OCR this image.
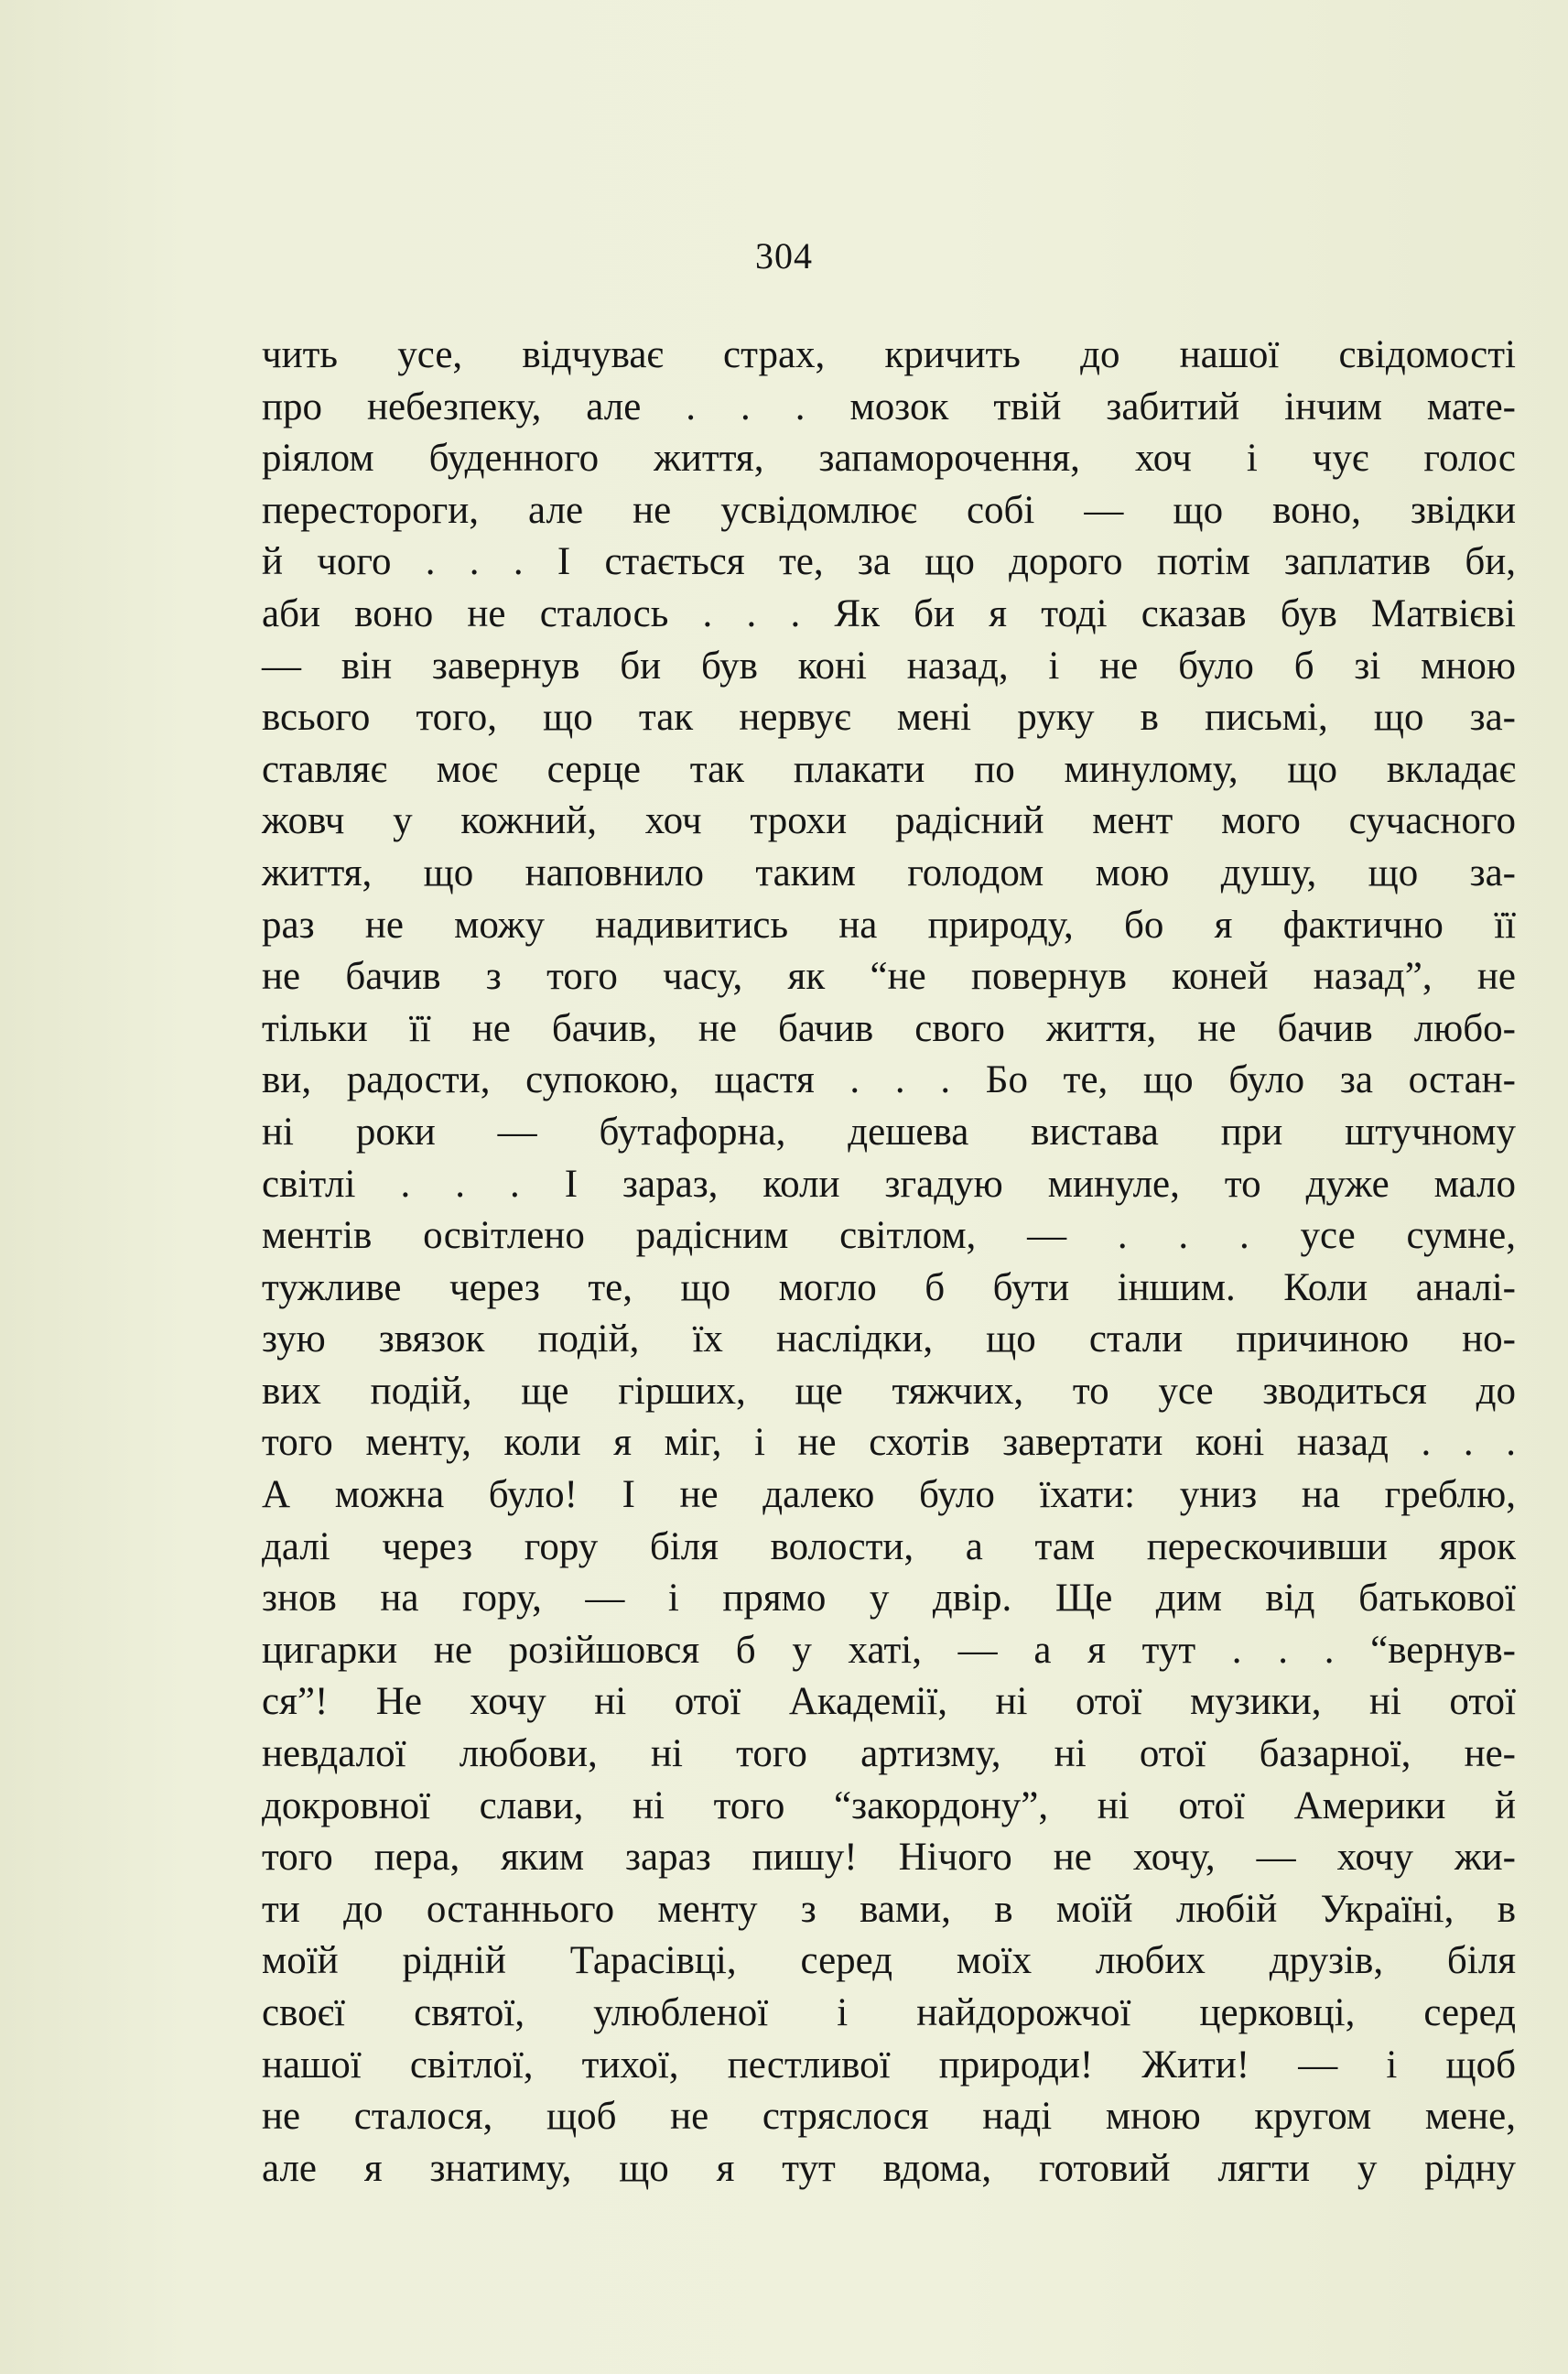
304
чить усе, відчуває страх, кричить до нашої свідомості
про небезпеку, але . . . мозок твій забитий інчим мате-
ріялом буденного життя, запаморочення, хоч і чує голос
перестороги, але не усвідомлює собі — що воно, звідки
й чого . . . І стається те, за що дорого потім заплатив би,
аби воно не сталось . . . Як би я тоді сказав був Матвієві
— він завернув би був коні назад, і не було б зі мною
всього того, що так нервує мені руку в письмі, що за-
ставляє моє серце так плакати по минулому, що вкладає
жовч у кожний, хоч трохи радісний мент мого сучасного
життя, що наповнило таким голодом мою душу, що за-
раз не можу надивитись на природу, бо я фактично її
не бачив з того часу, як “не повернув коней назад”, не
тільки її не бачив, не бачив свого життя, не бачив любо-
ви, радости, супокою, щастя . . . Бо те, що було за остан-
ні роки — бутафорна, дешева вистава при штучному
світлі . . . І зараз, коли згадую минуле, то дуже мало
ментів освітлено радісним світлом, — . . . усе сумне,
тужливе через те, що могло б бути іншим. Коли аналі-
зую звязок подій, їх наслідки, що стали причиною но-
вих подій, ще гірших, ще тяжчих, то усе зводиться до
того менту, коли я міг, і не схотів завертати коні назад . . .
А можна було! І не далеко було їхати: униз на греблю,
далі через гору біля волости, а там перескочивши ярок
знов на гору, — і прямо у двір. Ще дим від батькової
цигарки не розійшовся б у хаті, — а я тут . . . “вернув-
ся”! Не хочу ні отої Академії, ні отої музики, ні отої
невдалої любови, ні того артизму, ні отої базарної, не-
докровної слави, ні того “закордону”, ні отої Америки й
того пера, яким зараз пишу! Нічого не хочу, — хочу жи-
ти до останнього менту з вами, в моїй любій Україні, в
моїй рідній Тарасівці, серед моїх любих друзів, біля
своєї святої, улюбленої і найдорожчої церковці, серед
нашої світлої, тихої, пестливої природи! Жити! — і щоб
не сталося, щоб не стряслося наді мною кругом мене,
але я знатиму, що я тут вдома, готовий лягти у рідну
